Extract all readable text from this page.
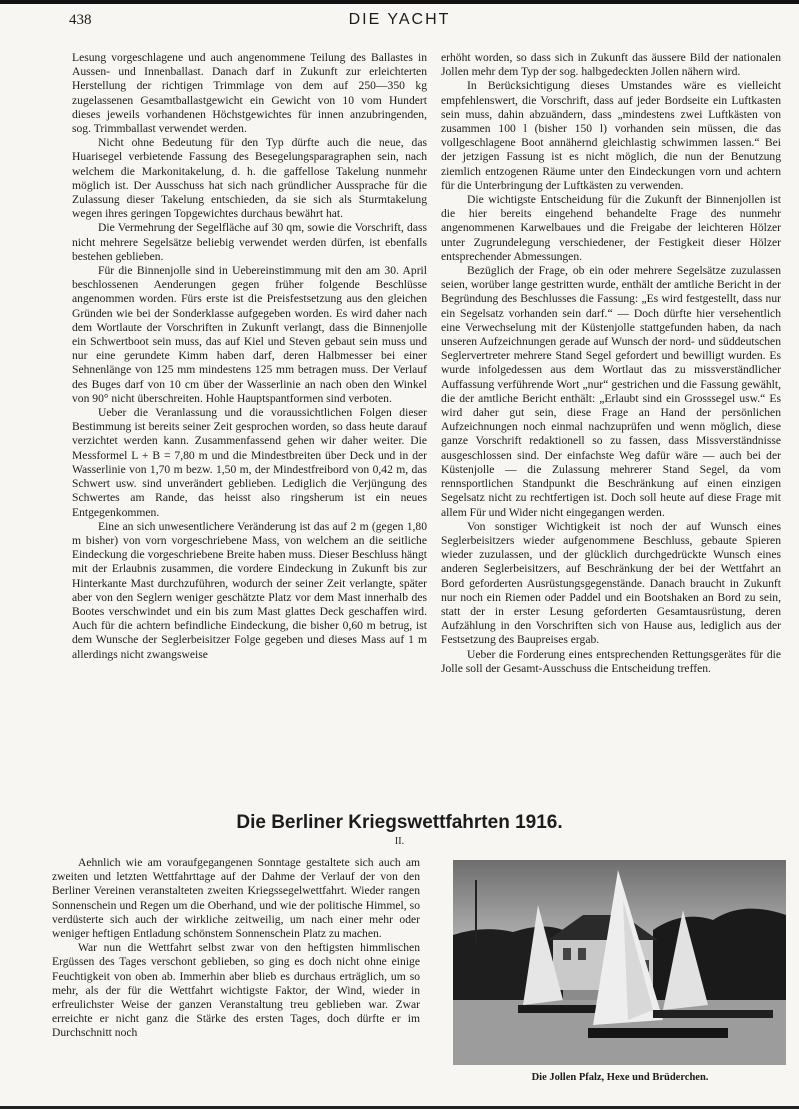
438	DIE YACHT

Lesung vorgeschlagene und auch angenommene Teilung des Ballastes in Aussen- und Innenballast. Danach darf in Zukunft zur erleichterten Herstellung der richtigen Trimmlage von dem auf 250—350 kg zugelassenen Gesamtballastgewicht ein Gewicht von 10 vom Hundert dieses jeweils vorhandenen Höchstgewichtes für innen anzubringenden, sog. Trimmballast verwendet werden.

Nicht ohne Bedeutung für den Typ dürfte auch die neue, das Huarisegel verbietende Fassung des Besegelungsparagraphen sein, nach welchem die Markonitakelung, d. h. die gaffellose Takelung nunmehr möglich ist. Der Ausschuss hat sich nach gründlicher Aussprache für die Zulassung dieser Takelung entschieden, da sie sich als Sturmtakelung wegen ihres geringen Topgewichtes durchaus bewährt hat.

Die Vermehrung der Segelfläche auf 30 qm, sowie die Vorschrift, dass nicht mehrere Segelsätze beliebig verwendet werden dürfen, ist ebenfalls bestehen geblieben.

Für die Binnenjolle sind in Uebereinstimmung mit den am 30. April beschlossenen Aenderungen gegen früher folgende Beschlüsse angenommen worden. Fürs erste ist die Preisfestsetzung aus den gleichen Gründen wie bei der Sonderklasse aufgegeben worden. Es wird daher nach dem Wortlaute der Vorschriften in Zukunft verlangt, dass die Binnenjolle ein Schwertboot sein muss, das auf Kiel und Steven gebaut sein muss und nur eine gerundete Kimm haben darf, deren Halbmesser bei einer Sehnenlänge von 125 mm mindestens 125 mm betragen muss. Der Verlauf des Buges darf von 10 cm über der Wasserlinie an nach oben den Winkel von 90° nicht überschreiten. Hohle Hauptspantformen sind verboten.

Ueber die Veranlassung und die voraussichtlichen Folgen dieser Bestimmung ist bereits seiner Zeit gesprochen worden, so dass heute darauf verzichtet werden kann. Zusammenfassend gehen wir daher weiter. Die Messformel L + B = 7,80 m und die Mindestbreiten über Deck und in der Wasserlinie von 1,70 m bezw. 1,50 m, der Mindestfreibord von 0,42 m, das Schwert usw. sind unverändert geblieben. Lediglich die Verjüngung des Schwertes am Rande, das heisst also ringsherum ist ein neues Entgegenkommen.

Eine an sich unwesentlichere Veränderung ist das auf 2 m (gegen 1,80 m bisher) von vorn vorgeschriebene Mass, von welchem an die seitliche Eindeckung die vorgeschriebene Breite haben muss. Dieser Beschluss hängt mit der Erlaubnis zusammen, die vordere Eindeckung in Zukunft bis zur Hinterkante Mast durchzuführen, wodurch der seiner Zeit verlangte, später aber von den Seglern weniger geschätzte Platz vor dem Mast innerhalb des Bootes verschwindet und ein bis zum Mast glattes Deck geschaffen wird. Auch für die achtern befindliche Eindeckung, die bisher 0,60 m betrug, ist dem Wunsche der Seglerbeisitzer Folge gegeben und dieses Mass auf 1 m allerdings nicht zwangsweise

erhöht worden, so dass sich in Zukunft das äussere Bild der nationalen Jollen mehr dem Typ der sog. halbgedeckten Jollen nähern wird.

In Berücksichtigung dieses Umstandes wäre es vielleicht empfehlenswert, die Vorschrift, dass auf jeder Bordseite ein Luftkasten sein muss, dahin abzuändern, dass „mindestens zwei Luftkästen von zusammen 100 l (bisher 150 l) vorhanden sein müssen, die das vollgeschlagene Boot annähernd gleichlastig schwimmen lassen.“ Bei der jetzigen Fassung ist es nicht möglich, die nun der Benutzung ziemlich entzogenen Räume unter den Eindeckungen vorn und achtern für die Unterbringung der Luftkästen zu verwenden.

Die wichtigste Entscheidung für die Zukunft der Binnenjollen ist die hier bereits eingehend behandelte Frage des nunmehr angenommenen Karwelbaues und die Freigabe der leichteren Hölzer unter Zugrundelegung verschiedener, der Festigkeit dieser Hölzer entsprechender Abmessungen.

Bezüglich der Frage, ob ein oder mehrere Segelsätze zuzulassen seien, worüber lange gestritten wurde, enthält der amtliche Bericht in der Begründung des Beschlusses die Fassung: „Es wird festgestellt, dass nur ein Segelsatz vorhanden sein darf.“ — Doch dürfte hier versehentlich eine Verwechselung mit der Küstenjolle stattgefunden haben, da nach unseren Aufzeichnungen gerade auf Wunsch der nord- und süddeutschen Seglervertreter mehrere Stand Segel gefordert und bewilligt wurden. Es wurde infolgedessen aus dem Wortlaut das zu missverständlicher Auffassung verführende Wort „nur“ gestrichen und die Fassung gewählt, die der amtliche Bericht enthält: „Erlaubt sind ein Grosssegel usw.“ Es wird daher gut sein, diese Frage an Hand der persönlichen Aufzeichnungen noch einmal nachzuprüfen und wenn möglich, diese ganze Vorschrift redaktionell so zu fassen, dass Missverständnisse ausgeschlossen sind. Der einfachste Weg dafür wäre — auch bei der Küstenjolle — die Zulassung mehrerer Stand Segel, da vom rennsportlichen Standpunkt die Beschränkung auf einen einzigen Segelsatz nicht zu rechtfertigen ist. Doch soll heute auf diese Frage mit allem Für und Wider nicht eingegangen werden.

Von sonstiger Wichtigkeit ist noch der auf Wunsch eines Seglerbeisitzers wieder aufgenommene Beschluss, gebaute Spieren wieder zuzulassen, und der glücklich durchgedrückte Wunsch eines anderen Seglerbeisitzers, auf Beschränkung der bei der Wettfahrt an Bord geforderten Ausrüstungsgegenstände. Danach braucht in Zukunft nur noch ein Riemen oder Paddel und ein Bootshaken an Bord zu sein, statt der in erster Lesung geforderten Gesamtausrüstung, deren Aufzählung in den Vorschriften sich von Hause aus, lediglich aus der Festsetzung des Baupreises ergab.

Ueber die Forderung eines entsprechenden Rettungsgerätes für die Jolle soll der Gesamt-Ausschuss die Entscheidung treffen.

Die Berliner Kriegswettfahrten 1916.
II.

Aehnlich wie am voraufgegangenen Sonntage gestaltete sich auch am zweiten und letzten Wettfahrttage auf der Dahme der Verlauf der von den Berliner Vereinen veranstalteten zweiten Kriegssegelwettfahrt. Wieder rangen Sonnenschein und Regen um die Oberhand, und wie der politische Himmel, so verdüsterte sich auch der wirkliche zeitweilig, um nach einer mehr oder weniger heftigen Entladung schönstem Sonnenschein Platz zu machen.

War nun die Wettfahrt selbst zwar von den heftigsten himmlischen Ergüssen des Tages verschont geblieben, so ging es doch nicht ohne einige Feuchtigkeit von oben ab. Immerhin aber blieb es durchaus erträglich, um so mehr, als der für die Wettfahrt wichtigste Faktor, der Wind, wieder in erfreulichster Weise der ganzen Veranstaltung treu geblieben war. Zwar erreichte er nicht ganz die Stärke des ersten Tages, doch dürfte er im Durchschnitt noch

Die Jollen Pfalz, Hexe und Brüderchen.
